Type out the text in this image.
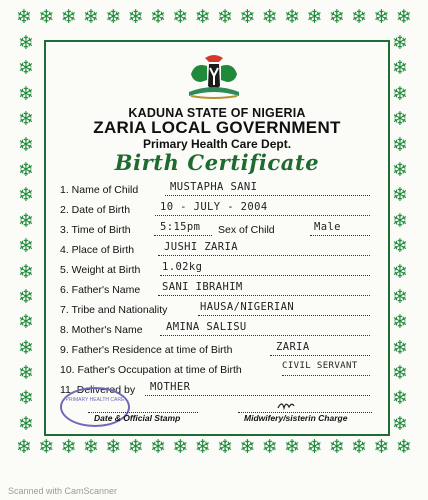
❄ ❄ ❄ ❄ ❄ ❄ ❄ ❄ ❄ ❄ ❄ ❄ ❄ ❄ ❄ ❄ ❄ ❄
❄ ❄ ❄ ❄ ❄ ❄ ❄ ❄ ❄ ❄ ❄ ❄ ❄ ❄ ❄ ❄ ❄ ❄
❄
❄
❄
❄
❄
❄
❄
❄
❄
❄
❄
❄
❄
❄
❄
❄
❄
❄
❄
❄
❄
❄
❄
❄
❄
❄
❄
❄
❄
❄
❄
❄
KADUNA STATE OF NIGERIA
ZARIA LOCAL GOVERNMENT
Primary Health Care Dept.
Birth Certificate
1. Name of Child	MUSTAPHA SANI
2. Date of Birth	10 - JULY - 2004
3. Time of Birth	5:15pm Sex of Child	Male
4. Place of Birth	JUSHI ZARIA
5. Weight at Birth	1.02kg
6. Father's Name	SANI IBRAHIM
7. Tribe and Nationality	HAUSA/NIGERIAN
8. Mother's Name	AMINA SALISU
9. Father's Residence at time of Birth	ZARIA
10. Father's Occupation at time of Birth	CIVIL SERVANT
11. Delivered by	MOTHER
PRIMARY HEALTH CARE
Date & Official Stamp	Midwifery/sisterin Charge
Scanned with CamScanner
